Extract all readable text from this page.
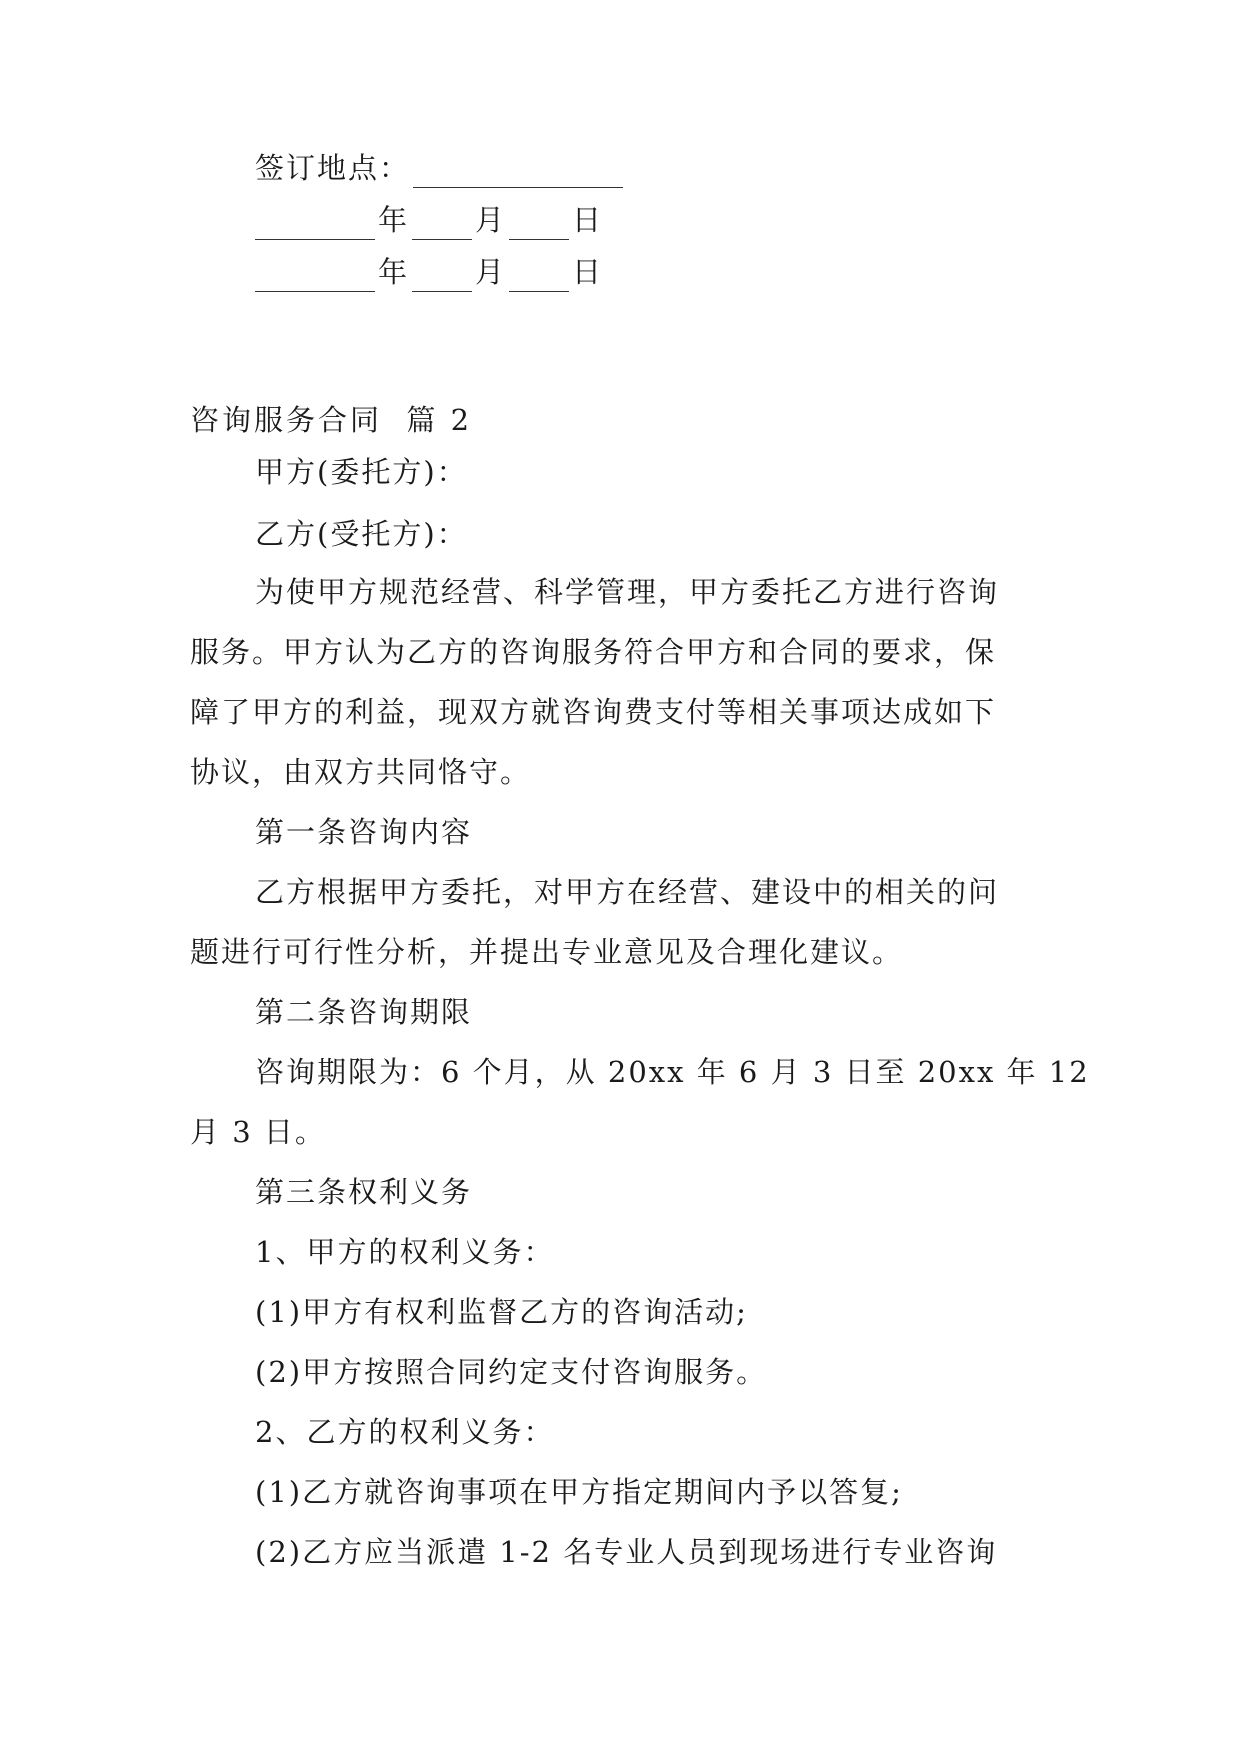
签订地点：
年 月 日
年 月 日
咨询服务合同  篇 2
甲方(委托方)：
乙方(受托方)：
为使甲方规范经营、科学管理，甲方委托乙方进行咨询
服务。甲方认为乙方的咨询服务符合甲方和合同的要求，保
障了甲方的利益，现双方就咨询费支付等相关事项达成如下
协议，由双方共同恪守。
第一条咨询内容
乙方根据甲方委托，对甲方在经营、建设中的相关的问
题进行可行性分析，并提出专业意见及合理化建议。
第二条咨询期限
咨询期限为：6 个月，从 20xx 年 6 月 3 日至 20xx 年 12
月 3 日。
第三条权利义务
1、甲方的权利义务：
(1)甲方有权利监督乙方的咨询活动;
(2)甲方按照合同约定支付咨询服务。
2、乙方的权利义务：
(1)乙方就咨询事项在甲方指定期间内予以答复;
(2)乙方应当派遣 1-2 名专业人员到现场进行专业咨询
